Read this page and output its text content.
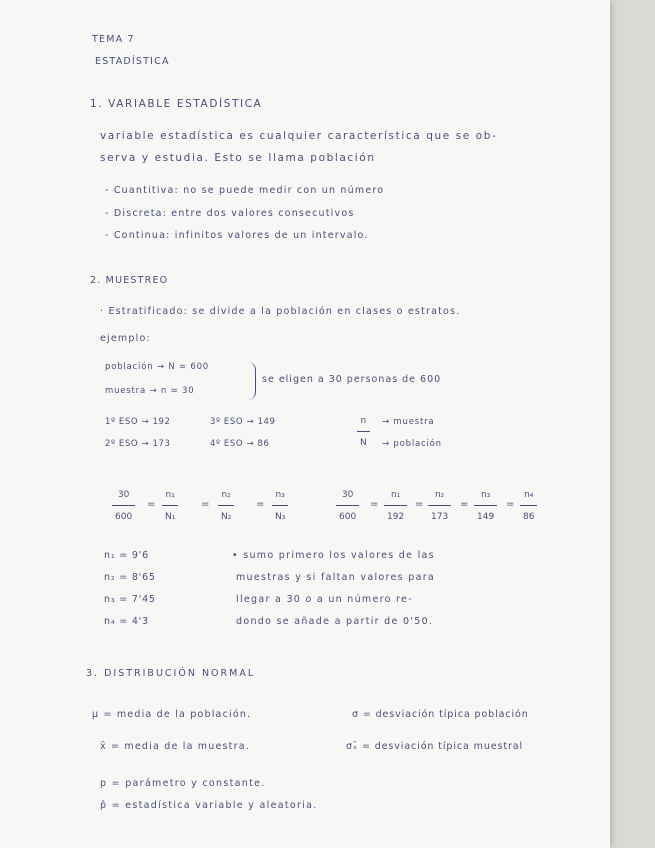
TEMA 7
ESTADÍSTICA
1. VARIABLE ESTADÍSTICA
variable estadística es cualquier característica que se ob-
serva y estudia. Esto se llama población
- Cuantitiva: no se puede medir con un número
- Discreta: entre dos valores consecutivos
- Continua: infinitos valores de un intervalo.
2. MUESTREO
· Estratificado: se divide a la población en clases o estratos.
ejemplo:
población → N = 600
muestra → n = 30
se eligen a 30 personas de 600
1º ESO → 192
2º ESO → 173
3º ESO → 149
4º ESO → 86
n
N
→ muestra
→ población
30
600
=
n₁
N₁
=
n₂
N₂
=
n₃
N₃
30
600
=
n₁
192
=
n₂
173
=
n₃
149
=
n₄
86
n₁ = 9'6
n₂ = 8'65
n₃ = 7'45
n₄ = 4'3
• sumo primero los valores de las
muestras y si faltan valores para
llegar a 30 o a un número re-
dondo se añade a partir de 0'50.
3. DISTRIBUCIÓN NORMAL
μ = media de la población.	σ = desviación típica población
x̄ = media de la muestra.	σₓ̄ = desviación típica muestral
p = parámetro y constante.
p̂ = estadística variable y aleatoria.
